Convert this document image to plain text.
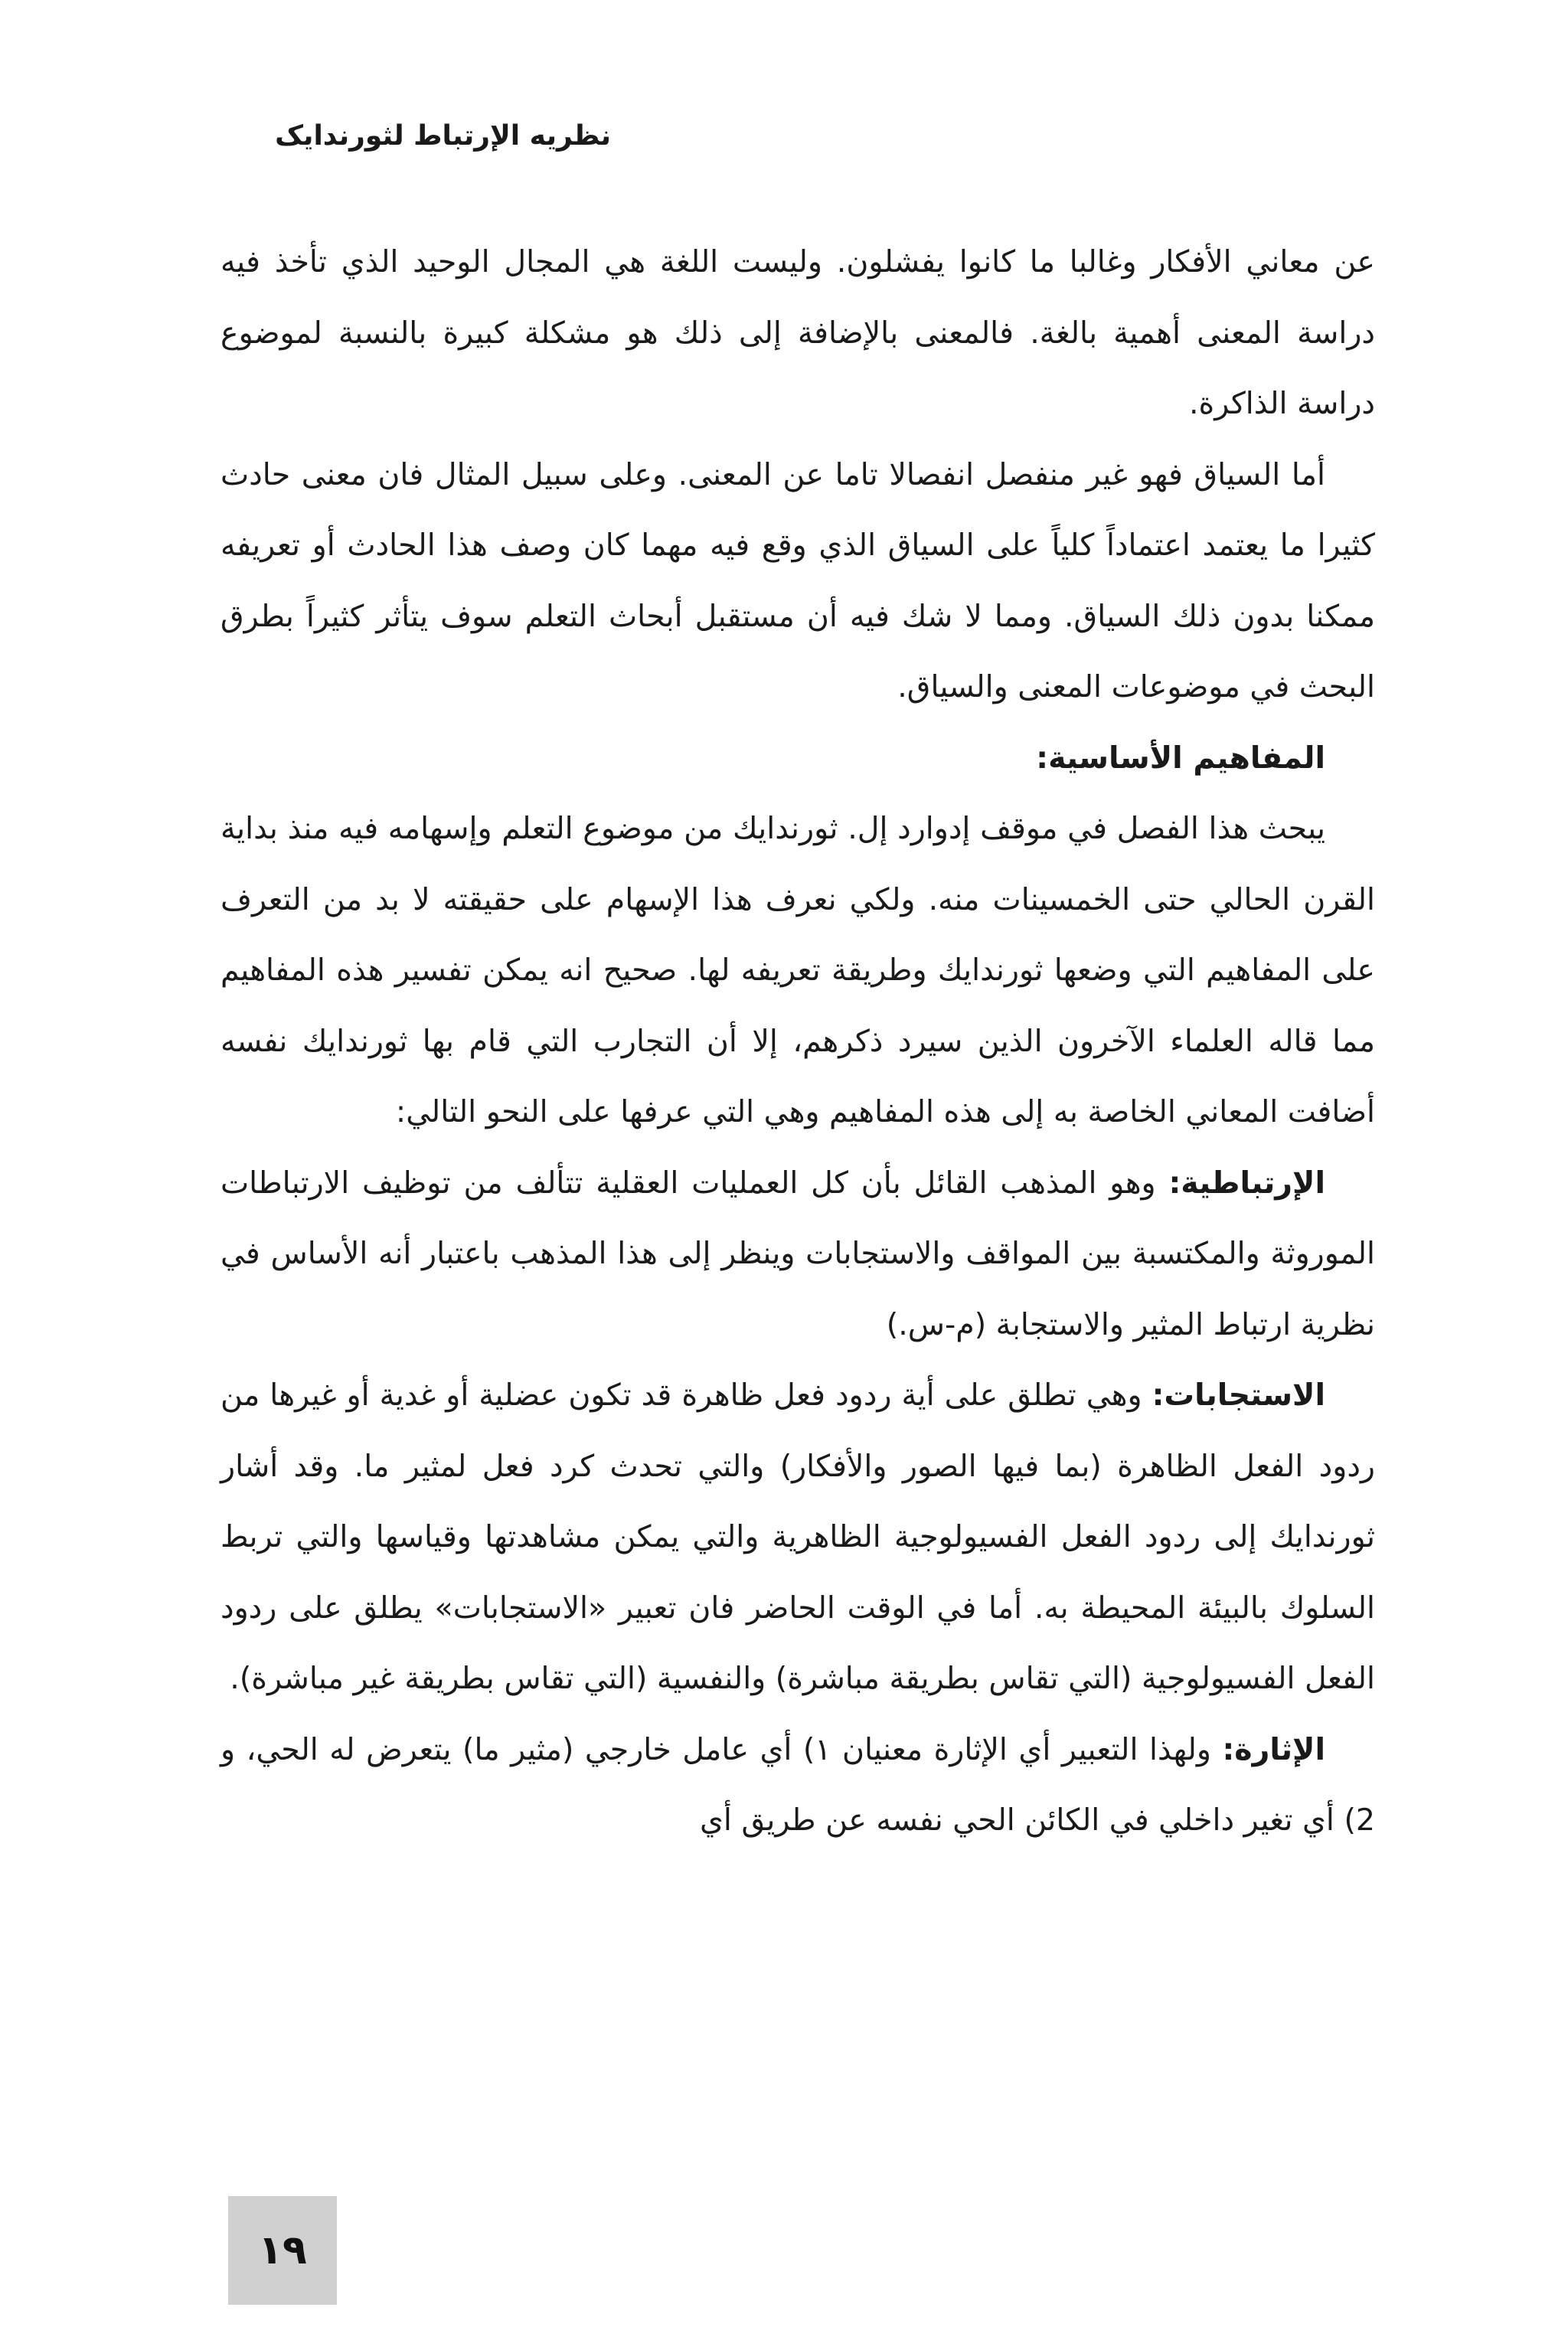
نظريه الإرتباط لثورندايک

عن معاني الأفكار وغالبا ما كانوا يفشلون. وليست اللغة هي المجال الوحيد الذي تأخذ فيه دراسة المعنى أهمية بالغة. فالمعنى بالإضافة إلى ذلك هو مشكلة كبيرة بالنسبة لموضوع دراسة الذاكرة.

أما السياق فهو غير منفصل انفصالا تاما عن المعنى. وعلى سبيل المثال فان معنى حادث كثيرا ما يعتمد اعتماداً كلياً على السياق الذي وقع فيه مهما كان وصف هذا الحادث أو تعريفه ممكنا بدون ذلك السياق. ومما لا شك فيه أن مستقبل أبحاث التعلم سوف يتأثر كثيراً بطرق البحث في موضوعات المعنى والسياق.

المفاهيم الأساسية:

يبحث هذا الفصل في موقف إدوارد إل. ثورندايك من موضوع التعلم وإسهامه فيه منذ بداية القرن الحالي حتى الخمسينات منه. ولكي نعرف هذا الإسهام على حقيقته لا بد من التعرف على المفاهيم التي وضعها ثورندايك وطريقة تعريفه لها. صحيح انه يمكن تفسير هذه المفاهيم مما قاله العلماء الآخرون الذين سيرد ذكرهم، إلا أن التجارب التي قام بها ثورندايك نفسه أضافت المعاني الخاصة به إلى هذه المفاهيم وهي التي عرفها على النحو التالي:

الإرتباطية: وهو المذهب القائل بأن كل العمليات العقلية تتألف من توظيف الارتباطات الموروثة والمكتسبة بين المواقف والاستجابات وينظر إلى هذا المذهب باعتبار أنه الأساس في نظرية ارتباط المثير والاستجابة (م-س.)

الاستجابات: وهي تطلق على أية ردود فعل ظاهرة قد تكون عضلية أو غدية أو غيرها من ردود الفعل الظاهرة (بما فيها الصور والأفكار) والتي تحدث كرد فعل لمثير ما. وقد أشار ثورندايك إلى ردود الفعل الفسيولوجية الظاهرية والتي يمكن مشاهدتها وقياسها والتي تربط السلوك بالبيئة المحيطة به. أما في الوقت الحاضر فان تعبير «الاستجابات» يطلق على ردود الفعل الفسيولوجية (التي تقاس بطريقة مباشرة) والنفسية (التي تقاس بطريقة غير مباشرة).

الإثارة: ولهذا التعبير أي الإثارة معنيان ١) أي عامل خارجي (مثير ما) يتعرض له الحي، و 2) أي تغير داخلي في الكائن الحي نفسه عن طريق أي

١٩
